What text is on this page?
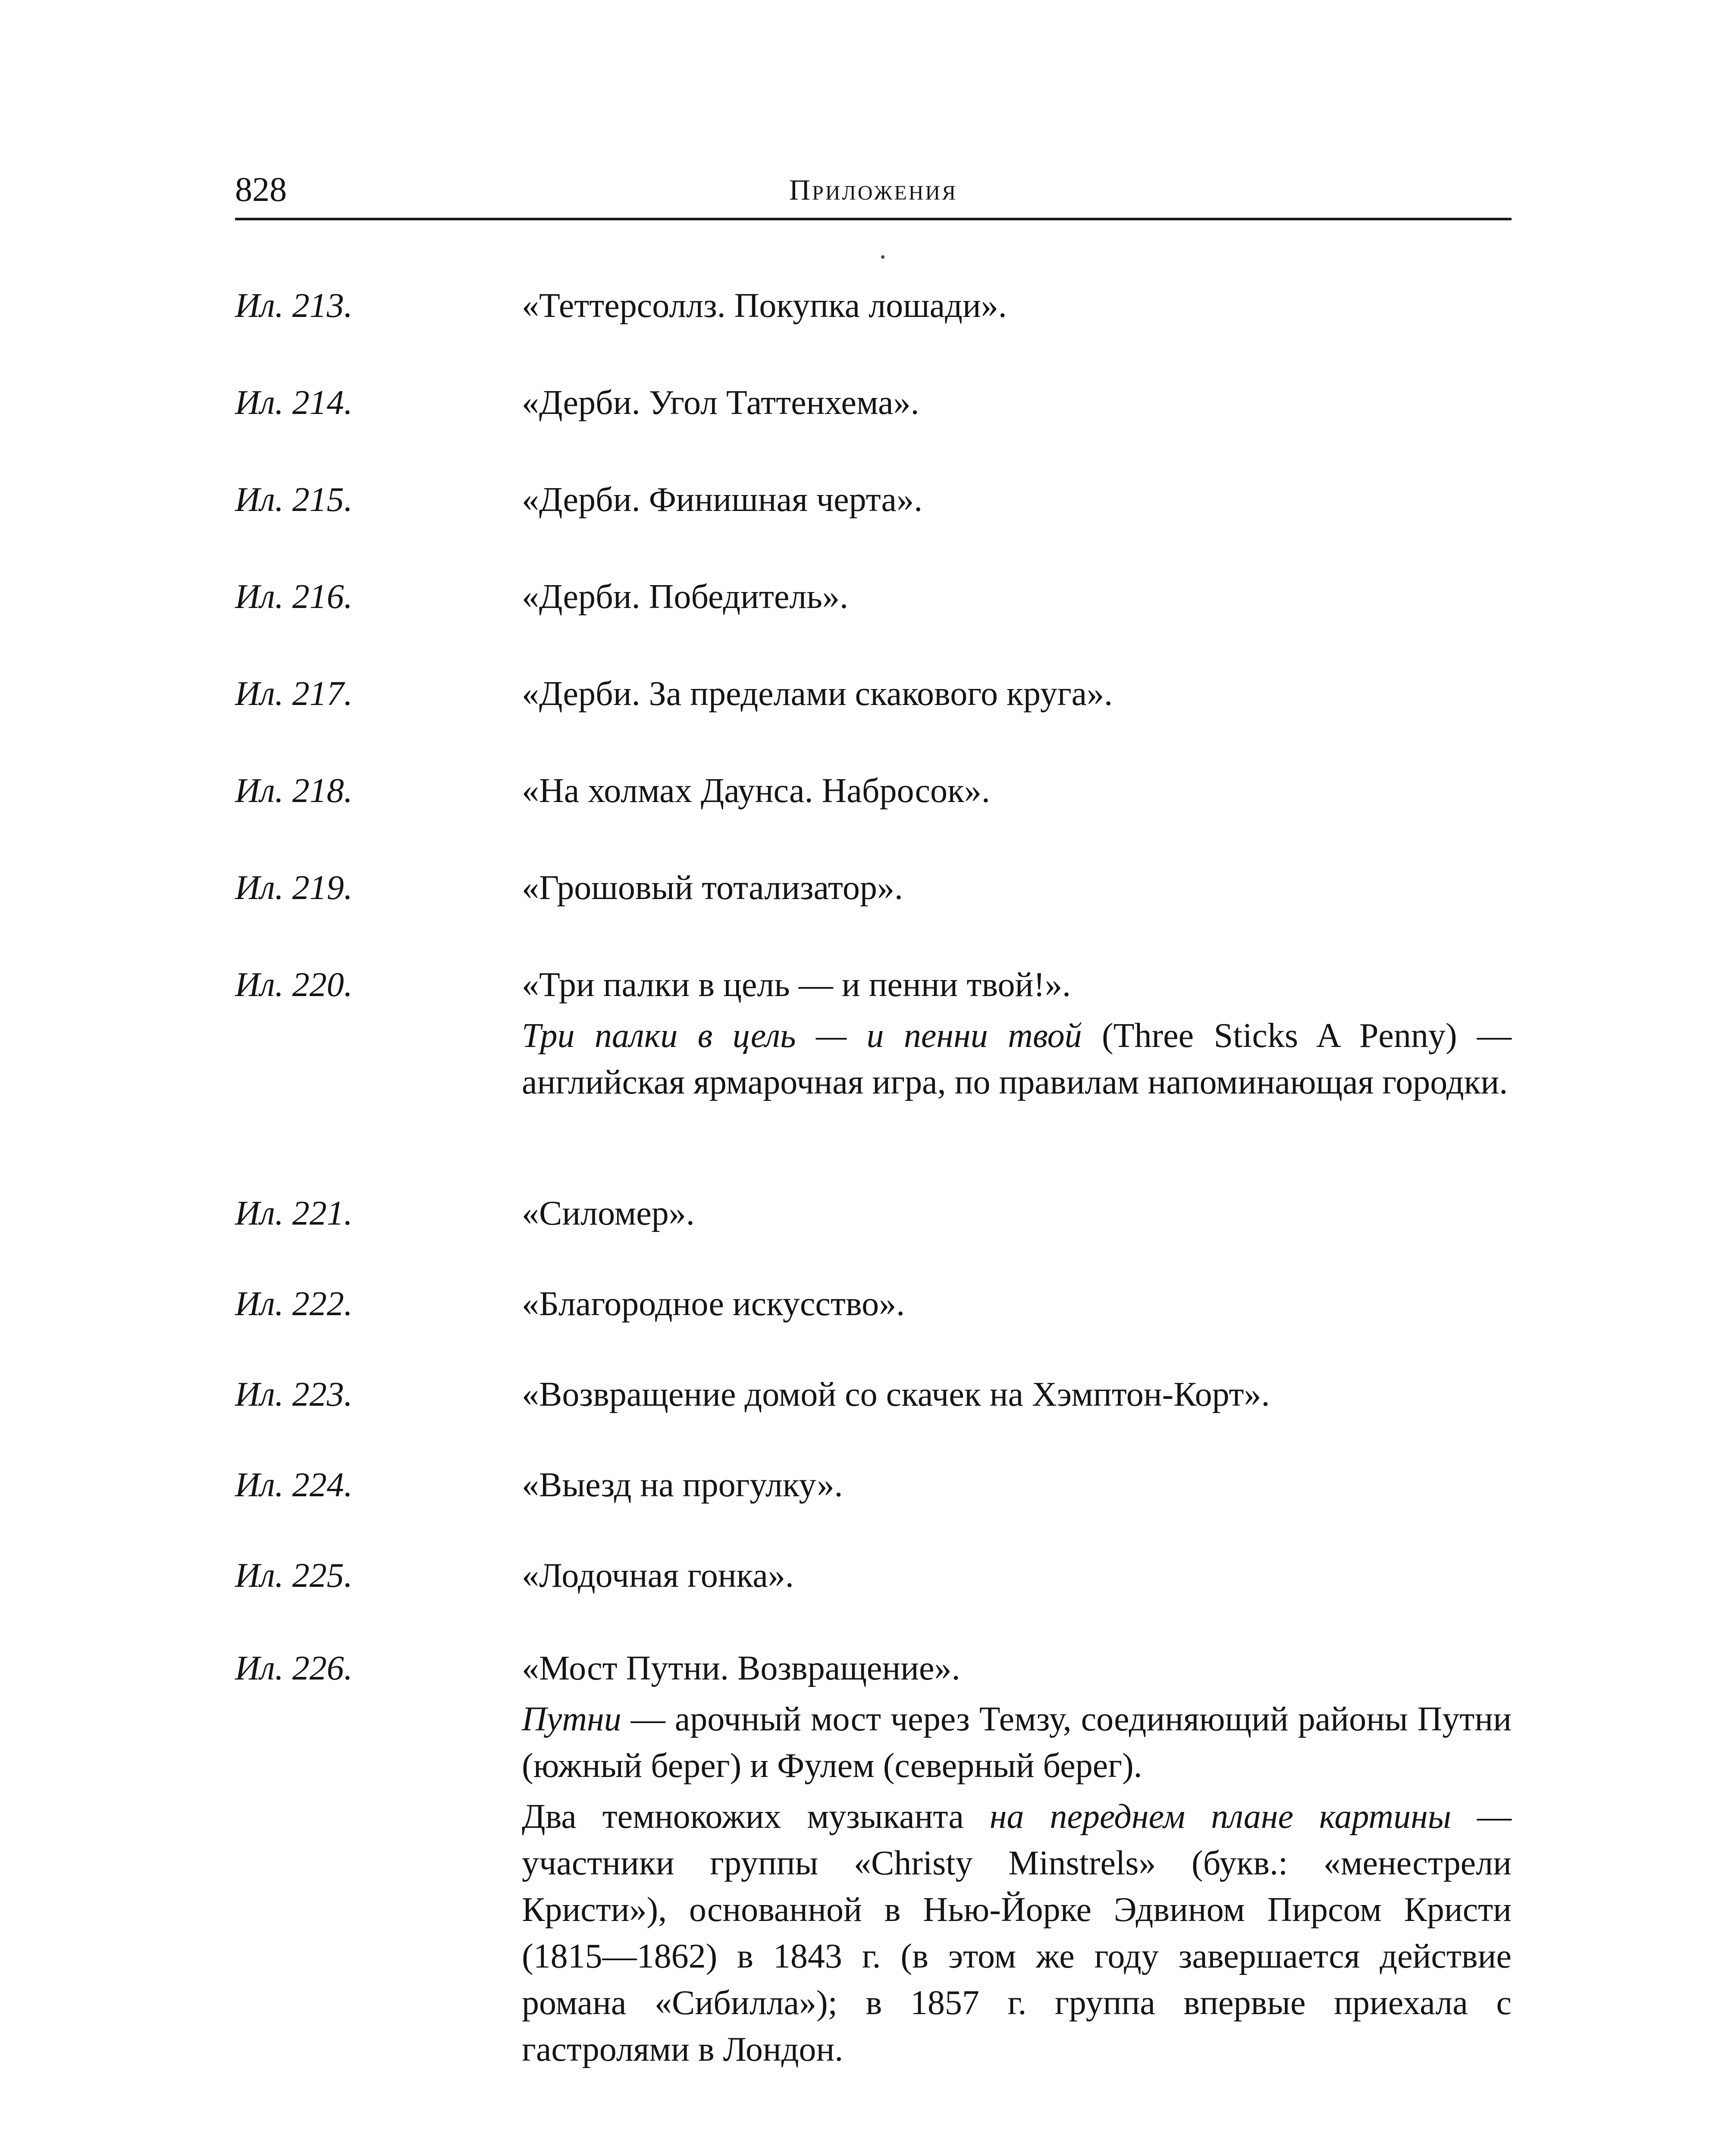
828	Приложения
Ил. 213.	«Теттерсоллз. Покупка лошади».

Ил. 214.	«Дерби. Угол Таттенхема».

Ил. 215.	«Дерби. Финишная черта».

Ил. 216.	«Дерби. Победитель».

Ил. 217.	«Дерби. За пределами скакового круга».

Ил. 218.	«На холмах Даунса. Набросок».

Ил. 219.	«Грошовый тотализатор».

Ил. 220.	«Три палки в цель — и пенни твой!».

Три палки в цель — и пенни твой (Three Sticks A Penny) — английская ярмарочная игра, по правилам напоминающая городки.

Ил. 221.	«Силомер».

Ил. 222.	«Благородное искусство».

Ил. 223.	«Возвращение домой со скачек на Хэмптон-Корт».

Ил. 224.	«Выезд на прогулку».

Ил. 225.	«Лодочная гонка».

Ил. 226.	«Мост Путни. Возвращение».

Путни — арочный мост через Темзу, соединяющий районы Путни (южный берег) и Фулем (северный берег).

Два темнокожих музыканта на переднем плане картины — участники группы «Christy Minstrels» (букв.: «менестрели Кристи»), основанной в Нью-Йорке Эдвином Пирсом Кристи (1815—1862) в 1843 г. (в этом же году завершается действие романа «Сибилла»); в 1857 г. группа впервые приехала с гастролями в Лондон.
